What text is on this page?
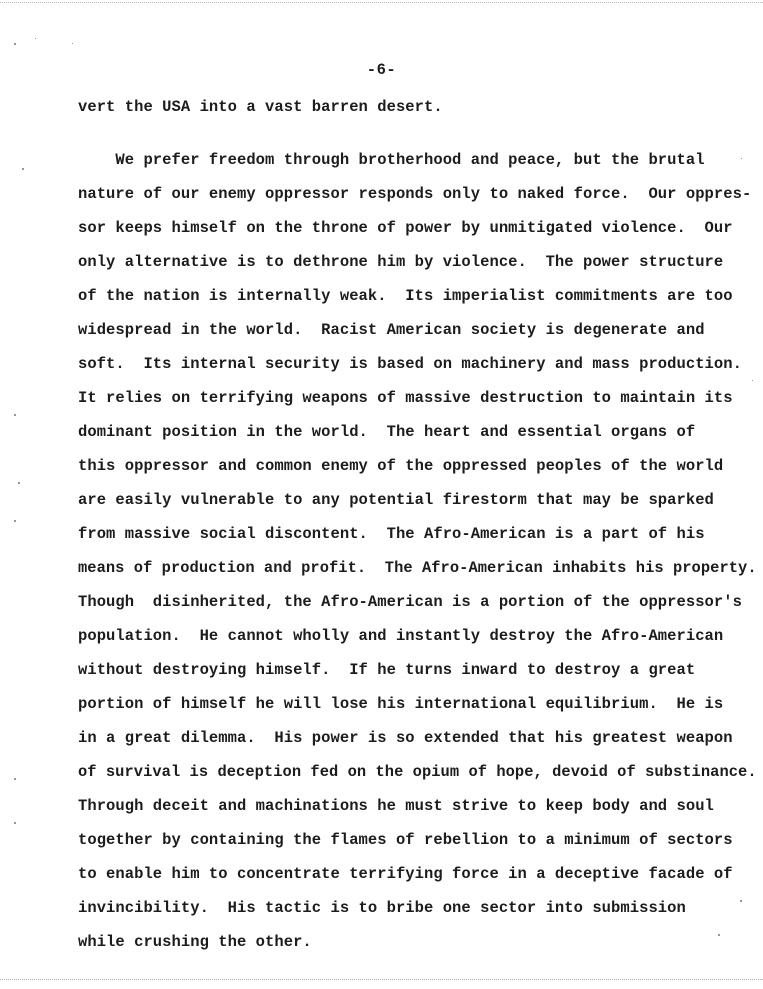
-6-
vert the USA into a vast barren desert.
We prefer freedom through brotherhood and peace, but the brutal
nature of our enemy oppressor responds only to naked force.  Our oppres-
sor keeps himself on the throne of power by unmitigated violence.  Our
only alternative is to dethrone him by violence.  The power structure
of the nation is internally weak.  Its imperialist commitments are too
widespread in the world.  Racist American society is degenerate and
soft.  Its internal security is based on machinery and mass production.
It relies on terrifying weapons of massive destruction to maintain its
dominant position in the world.  The heart and essential organs of
this oppressor and common enemy of the oppressed peoples of the world
are easily vulnerable to any potential firestorm that may be sparked
from massive social discontent.  The Afro-American is a part of his
means of production and profit.  The Afro-American inhabits his property.
Though  disinherited, the Afro-American is a portion of the oppressor's
population.  He cannot wholly and instantly destroy the Afro-American
without destroying himself.  If he turns inward to destroy a great
portion of himself he will lose his international equilibrium.  He is
in a great dilemma.  His power is so extended that his greatest weapon
of survival is deception fed on the opium of hope, devoid of substinance.
Through deceit and machinations he must strive to keep body and soul
together by containing the flames of rebellion to a minimum of sectors
to enable him to concentrate terrifying force in a deceptive facade of
invincibility.  His tactic is to bribe one sector into submission
while crushing the other.
